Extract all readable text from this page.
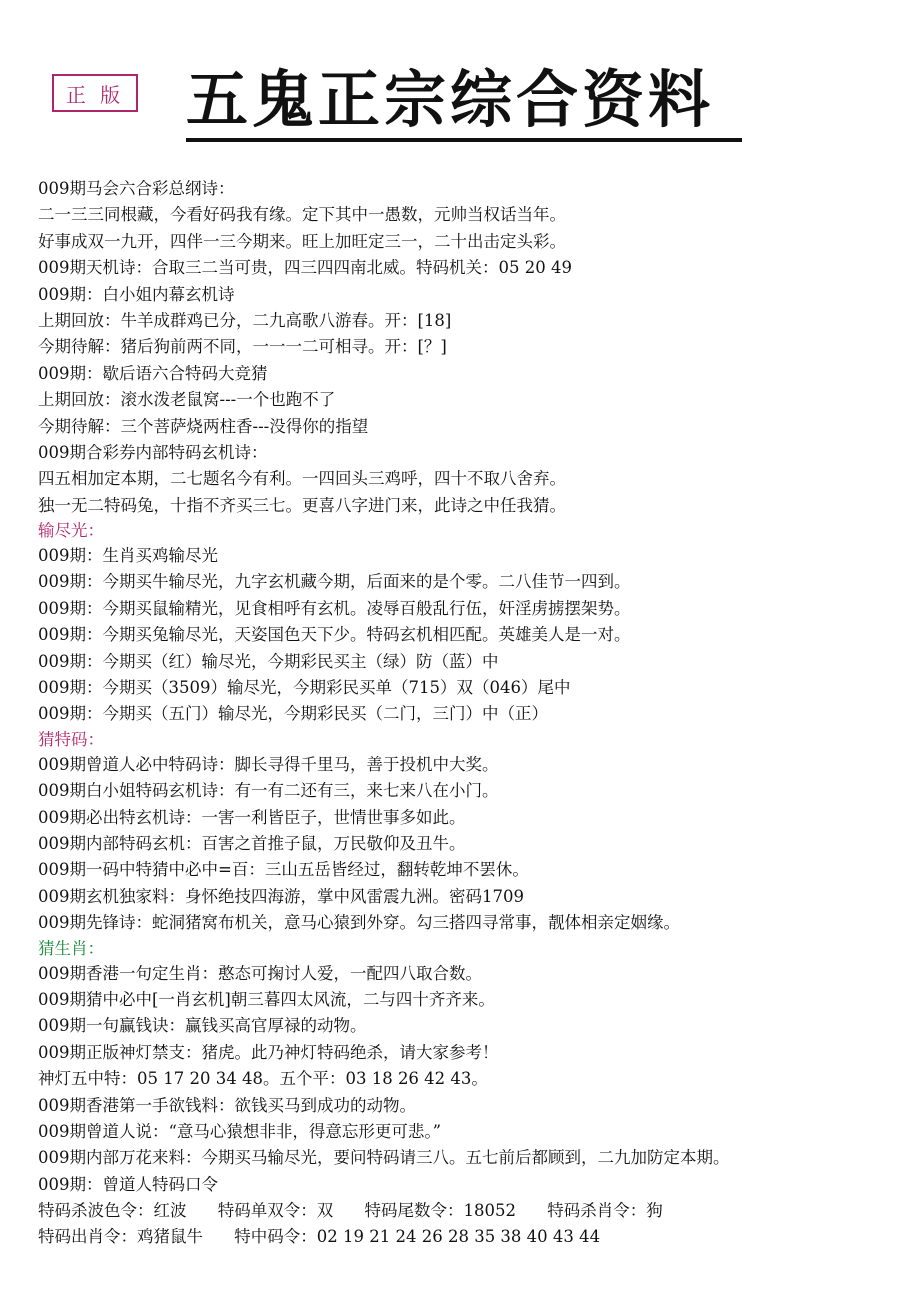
正 版 五鬼正宗综合资料
009期马会六合彩总纲诗：
二一三三同根藏，今看好码我有缘。定下其中一愚数，元帅当权话当年。
好事成双一九开，四伴一三今期来。旺上加旺定三一，二十出击定头彩。
009期天机诗：合取三二当可贵，四三四四南北威。特码机关：05 20 49
009期：白小姐内幕玄机诗
上期回放：牛羊成群鸡已分，二九高歌八游春。开：[18]
今期待解：猪后狗前两不同，一一一二可相寻。开：[？]
009期：歇后语六合特码大竞猜
上期回放：滚水泼老鼠窝---一个也跑不了
今期待解：三个菩萨烧两柱香---没得你的指望
009期合彩券内部特码玄机诗：
四五相加定本期，二七题名今有利。一四回头三鸡呼，四十不取八舍弃。
独一无二特码兔，十指不齐买三七。更喜八字进门来，此诗之中任我猜。
输尽光：
009期：生肖买鸡输尽光
009期：今期买牛输尽光，九字玄机藏今期，后面来的是个零。二八佳节一四到。
009期：今期买鼠输精光，见食相呼有玄机。凌辱百般乱行伍，奸淫虏掳摆架势。
009期：今期买兔输尽光，天姿国色天下少。特码玄机相匹配。英雄美人是一对。
009期：今期买（红）输尽光，今期彩民买主（绿）防（蓝）中
009期：今期买（3509）输尽光，今期彩民买单（715）双（046）尾中
009期：今期买（五门）输尽光，今期彩民买（二门，三门）中（正）
猜特码：
009期曾道人必中特码诗：脚长寻得千里马，善于投机中大奖。
009期白小姐特码玄机诗：有一有二还有三，来七来八在小门。
009期必出特玄机诗：一害一利皆臣子，世情世事多如此。
009期内部特码玄机：百害之首推子鼠，万民敬仰及丑牛。
009期一码中特猜中必中=百：三山五岳皆经过，翻转乾坤不罢休。
009期玄机独家料：身怀绝技四海游，掌中风雷震九洲。密码1709
009期先锋诗：蛇洞猪窝布机关，意马心猿到外穿。勾三搭四寻常事，靓体相亲定姻缘。
猜生肖：
009期香港一句定生肖：憨态可掬讨人爱，一配四八取合数。
009期猜中必中[一肖玄机]朝三暮四太风流，二与四十齐齐来。
009期一句赢钱诀：赢钱买高官厚禄的动物。
009期正版神灯禁支：猪虎。此乃神灯特码绝杀，请大家参考！
神灯五中特：05 17 20 34 48。五个平：03 18 26 42 43。
009期香港第一手欲钱料：欲钱买马到成功的动物。
009期曾道人说：“意马心猿想非非，得意忘形更可悲。”
009期内部万花来料：今期买马输尽光，要问特码请三八。五七前后都顾到，二九加防定本期。
009期：曾道人特码口令
特码杀波色令：红波 特码单双令：双 特码尾数令：18052 特码杀肖令：狗
特码出肖令：鸡猪鼠牛 特中码令：02 19 21 24 26 28 35 38 40 43 44
